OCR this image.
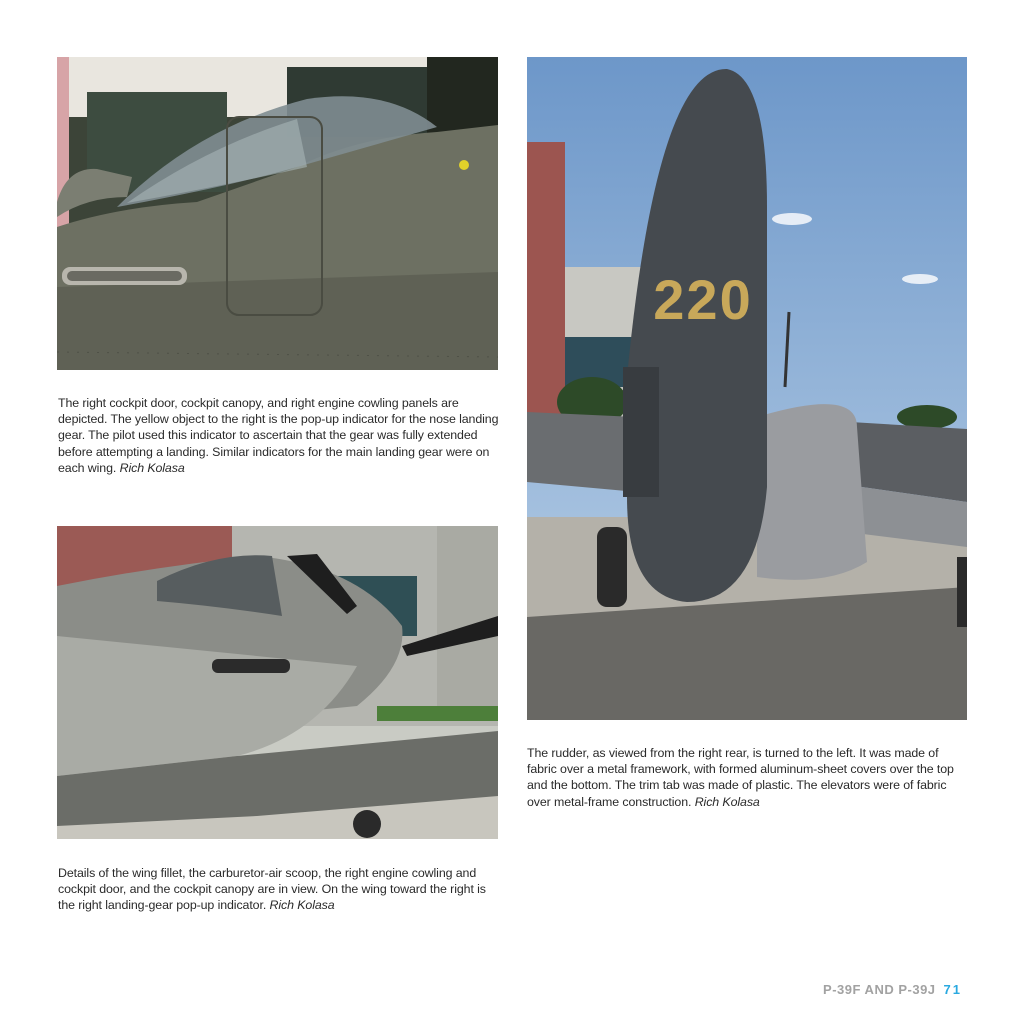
The right cockpit door, cockpit canopy, and right engine cowling panels are depicted. The yellow object to the right is the pop-up indicator for the nose landing gear. The pilot used this indicator to ascertain that the gear was fully extended before attempting a landing. Similar indicators for the main landing gear were on each wing. Rich Kolasa
Details of the wing fillet, the carburetor-air scoop, the right engine cowling and cockpit door, and the cockpit canopy are in view. On the wing toward the right is the right landing-gear pop-up indicator. Rich Kolasa
220
The rudder, as viewed from the right rear, is turned to the left. It was made of fabric over a metal framework, with formed aluminum-sheet covers over the top and the bottom. The trim tab was made of plastic. The elevators were of fabric over metal-frame construction. Rich Kolasa
P-39F AND P-39J 71
